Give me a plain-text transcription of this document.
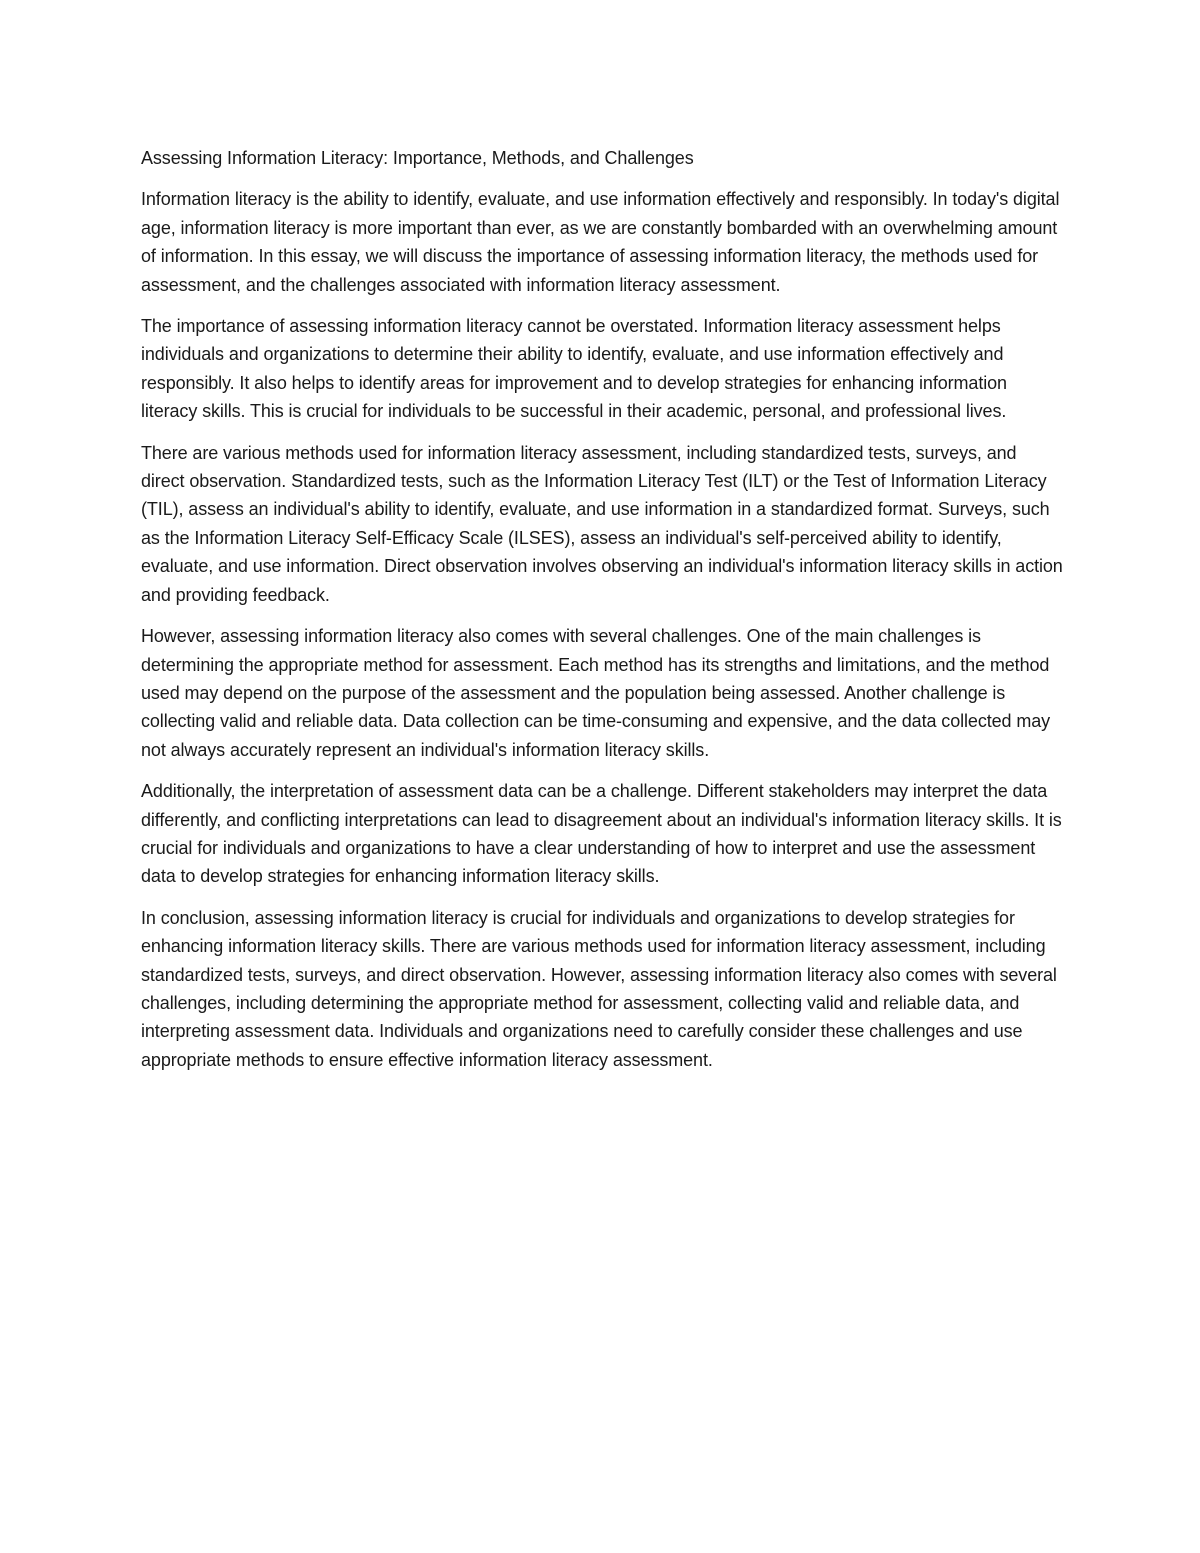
Assessing Information Literacy: Importance, Methods, and Challenges

Information literacy is the ability to identify, evaluate, and use information effectively and responsibly. In today's digital age, information literacy is more important than ever, as we are constantly bombarded with an overwhelming amount of information. In this essay, we will discuss the importance of assessing information literacy, the methods used for assessment, and the challenges associated with information literacy assessment.

The importance of assessing information literacy cannot be overstated. Information literacy assessment helps individuals and organizations to determine their ability to identify, evaluate, and use information effectively and responsibly. It also helps to identify areas for improvement and to develop strategies for enhancing information literacy skills. This is crucial for individuals to be successful in their academic, personal, and professional lives.

There are various methods used for information literacy assessment, including standardized tests, surveys, and direct observation. Standardized tests, such as the Information Literacy Test (ILT) or the Test of Information Literacy (TIL), assess an individual's ability to identify, evaluate, and use information in a standardized format. Surveys, such as the Information Literacy Self-Efficacy Scale (ILSES), assess an individual's self-perceived ability to identify, evaluate, and use information. Direct observation involves observing an individual's information literacy skills in action and providing feedback.

However, assessing information literacy also comes with several challenges. One of the main challenges is determining the appropriate method for assessment. Each method has its strengths and limitations, and the method used may depend on the purpose of the assessment and the population being assessed. Another challenge is collecting valid and reliable data. Data collection can be time-consuming and expensive, and the data collected may not always accurately represent an individual's information literacy skills.

Additionally, the interpretation of assessment data can be a challenge. Different stakeholders may interpret the data differently, and conflicting interpretations can lead to disagreement about an individual's information literacy skills. It is crucial for individuals and organizations to have a clear understanding of how to interpret and use the assessment data to develop strategies for enhancing information literacy skills.

In conclusion, assessing information literacy is crucial for individuals and organizations to develop strategies for enhancing information literacy skills. There are various methods used for information literacy assessment, including standardized tests, surveys, and direct observation. However, assessing information literacy also comes with several challenges, including determining the appropriate method for assessment, collecting valid and reliable data, and interpreting assessment data. Individuals and organizations need to carefully consider these challenges and use appropriate methods to ensure effective information literacy assessment.
